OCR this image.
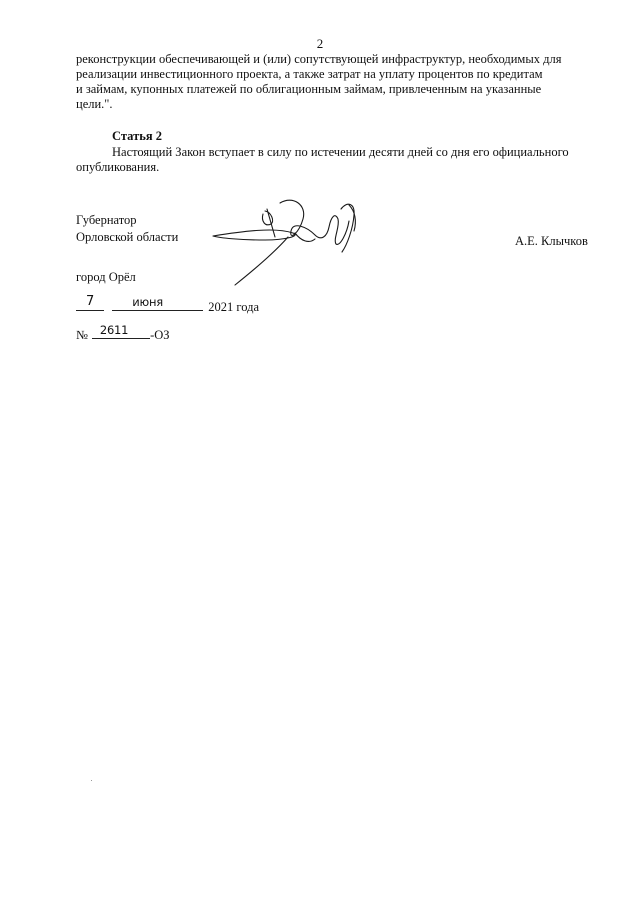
2
реконструкции обеспечивающей и (или) сопутствующей инфраструктур, необходимых для
реализации инвестиционного проекта, а также затрат на уплату процентов по кредитам
и займам, купонных платежей по облигационным займам, привлеченным на указанные
цели.".
Статья 2
Настоящий Закон вступает в силу по истечении десяти дней со дня его официального
опубликования.
Губернатор
Орловской области	А.Е. Клычков
город Орёл
7
	июня	2021 года
№	2611	-ОЗ
